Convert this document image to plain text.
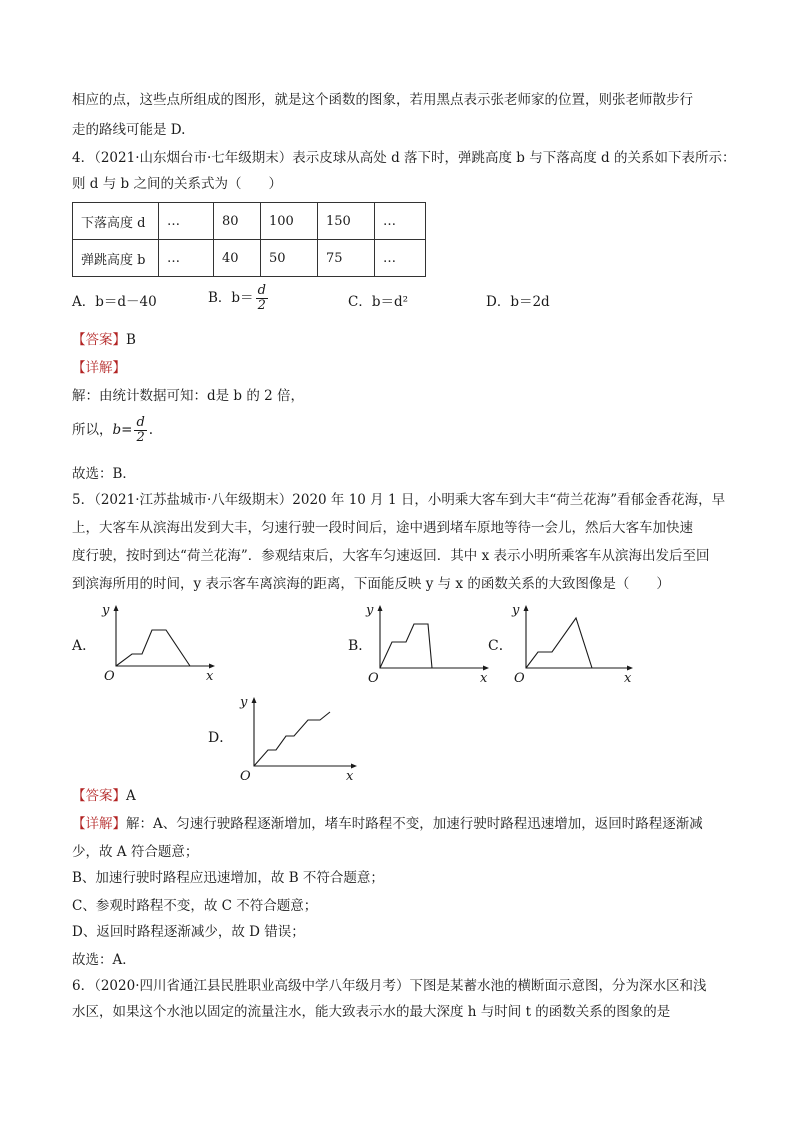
相应的点，这些点所组成的图形，就是这个函数的图象，若用黑点表示张老师家的位置，则张老师散步行
走的路线可能是 D.
4．（2021·山东烟台市·七年级期末）表示皮球从高处 d 落下时，弹跳高度 b 与下落高度 d 的关系如下表所示：
则 d 与 b 之间的关系式为（　　）
下落高度 d	…	80	100	150	…
弹跳高度 b	…	40	50	75	…
A．b＝d－40	B．$b= \frac{d}{2}$	C．b＝d²	D．b＝2d
【答案】B
【详解】
解：由统计数据可知：d是 b 的 2 倍，
所以，$b= \frac{d}{2}$ .
故选：B．
5．（2021·江苏盐城市·八年级期末）2020 年 10 月 1 日，小明乘大客车到大丰“荷兰花海”看郁金香花海，早
上，大客车从滨海出发到大丰，匀速行驶一段时间后，途中遇到堵车原地等待一会儿，然后大客车加快速
度行驶，按时到达“荷兰花海”．参观结束后，大客车匀速返回．其中 x 表示小明所乘客车从滨海出发后至回
到滨海所用的时间，y 表示客车离滨海的距离，下面能反映 y 与 x 的函数关系的大致图像是（　　）
A．
y
x
O
B．
y
x
O
C．
y
x
O
D．
y
x
O
【答案】A
【详解】解：A、匀速行驶路程逐渐增加，堵车时路程不变，加速行驶时路程迅速增加，返回时路程逐渐减
少，故 A 符合题意；
B、加速行驶时路程应迅速增加，故 B 不符合题意；
C、参观时路程不变，故 C 不符合题意；
D、返回时路程逐渐减少，故 D 错误；
故选：A．
6．（2020·四川省通江县民胜职业高级中学八年级月考）下图是某蓄水池的横断面示意图，分为深水区和浅
水区，如果这个水池以固定的流量注水，能大致表示水的最大深度 h 与时间 t 的函数关系的图象的是
